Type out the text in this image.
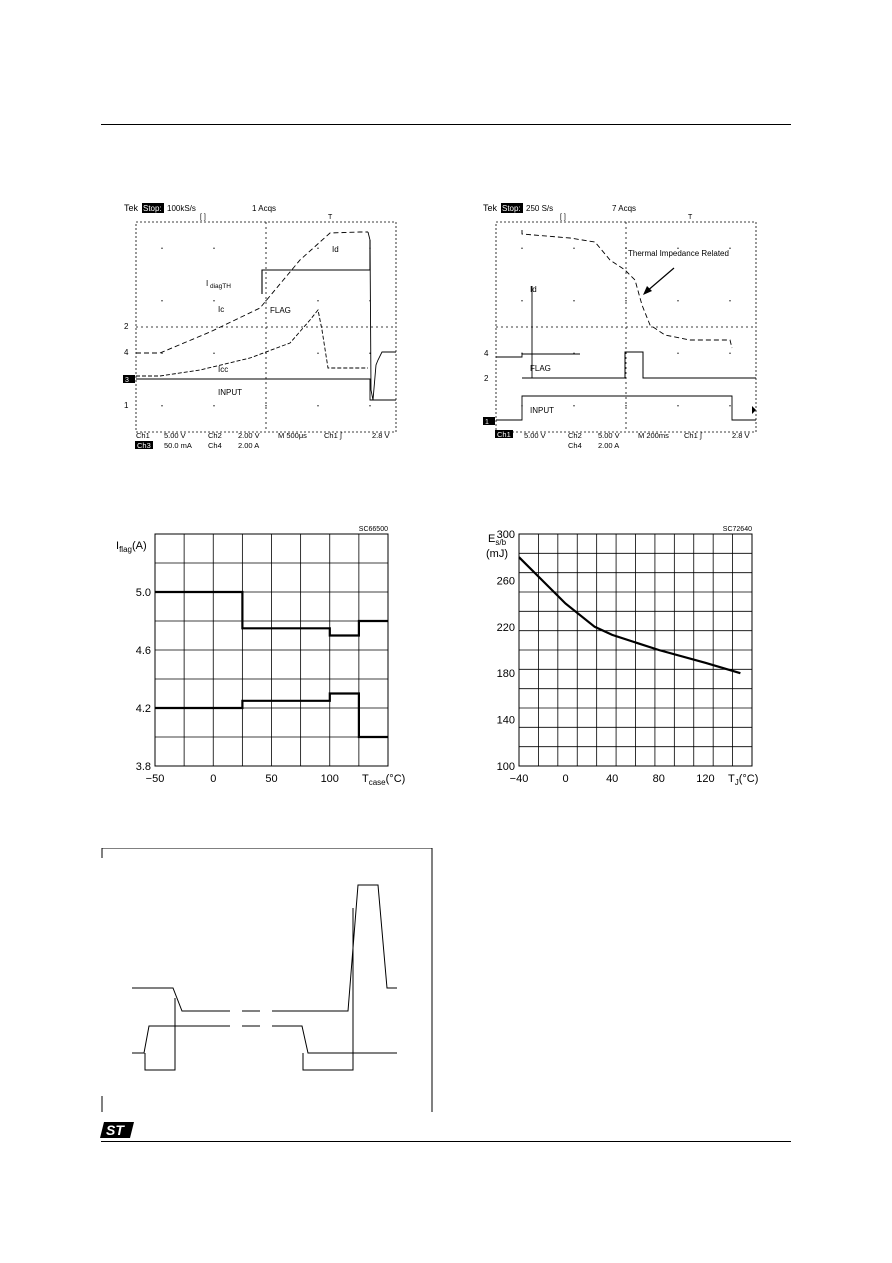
Tek Stop: 100kS/s	1 Acqs
[ ]	T
Id
I diagTH
Ic	FLAG
Icc
INPUT
2
4
3
1
Ch1 5.00 V	Ch2 2.00 V M 500μs Ch1 ∫	2.8 V
Ch3 50.0 mA Ch4 2.00 A
Tek Stop: 250 S/s	7 Acqs
[ ]	T
Thermal Impedance Related
Id
FLAG
INPUT
4
2
1
Ch1 5.00 V	Ch2 5.00 V M 200ms Ch1 ∫	2.8 V
Ch4 2.00 A
−50	0	50	100
3.8
4.2
4.6
5.0
SC66500
$I_{flag}(A)$
$T_{case}(^\circ C)$	−40	0	40	80	120
100
140
180
220
260
300	SC72640
$E_{s/b}$
(mJ)
$T_J(^\circ C)$
ST
